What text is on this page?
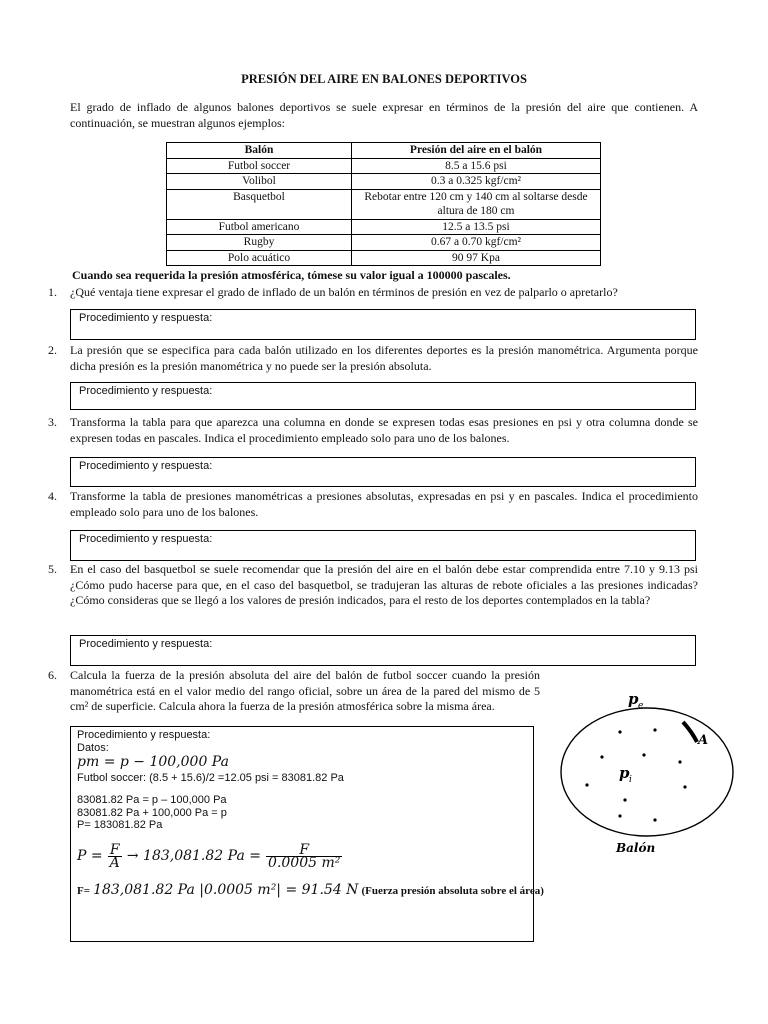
PRESIÓN DEL AIRE EN BALONES DEPORTIVOS
El grado de inflado de algunos balones deportivos se suele expresar en términos de la presión del aire que contienen. A continuación, se muestran algunos ejemplos:
Balón	Presión del aire en el balón
Futbol soccer	8.5 a 15.6 psi
Volibol	0.3 a 0.325 kgf/cm²
Basquetbol	Rebotar entre 120 cm y 140 cm al soltarse desde altura de 180 cm
Futbol americano	12.5 a 13.5 psi
Rugby	0.67 a 0.70 kgf/cm²
Polo acuático	90 97 Kpa
Cuando sea requerida la presión atmosférica, tómese su valor igual a 100000 pascales.
1.	¿Qué ventaja tiene expresar el grado de inflado de un balón en términos de presión en vez de palparlo o apretarlo?
Procedimiento y respuesta:
2.	La presión que se especifica para cada balón utilizado en los diferentes deportes es la presión manométrica. Argumenta porque dicha presión es la presión manométrica y no puede ser la presión absoluta.
Procedimiento y respuesta:
3.	Transforma la tabla para que aparezca una columna en donde se expresen todas esas presiones en psi y otra columna donde se expresen todas en pascales. Indica el procedimiento empleado solo para uno de los balones.
Procedimiento y respuesta:
4.	Transforme la tabla de presiones manométricas a presiones absolutas, expresadas en psi y en pascales. Indica el procedimiento empleado solo para uno de los balones.
Procedimiento y respuesta:
5.	En el caso del basquetbol se suele recomendar que la presión del aire en el balón debe estar comprendida entre 7.10 y 9.13 psi ¿Cómo pudo hacerse para que, en el caso del basquetbol, se tradujeran las alturas de rebote oficiales a las presiones indicadas? ¿Cómo consideras que se llegó a los valores de presión indicados, para el resto de los deportes contemplados en la tabla?
Procedimiento y respuesta:
6.	Calcula la fuerza de la presión absoluta del aire del balón de futbol soccer cuando la presión manométrica está en el valor medio del rango oficial, sobre un área de la pared del mismo de 5 cm² de superficie. Calcula ahora la fuerza de la presión atmosférica sobre la misma área.
Procedimiento y respuesta:
Datos:
pm = p − 100,000 Pa
Futbol soccer: (8.5 + 15.6)/2 =12.05 psi = 83081.82 Pa
83081.82 Pa = p – 100,000 Pa
83081.82 Pa + 100,000 Pa = p
P= 183081.82 Pa
$P = \frac{F}{A} \to 183,081.82$ $Pa = \frac{F}{\text{0.0005 m²}}$
F= 183,081.82 Pa |0.0005 m²| = 91.54 N (Fuerza presión absoluta sobre el área)
p e
p i
A
Balón
